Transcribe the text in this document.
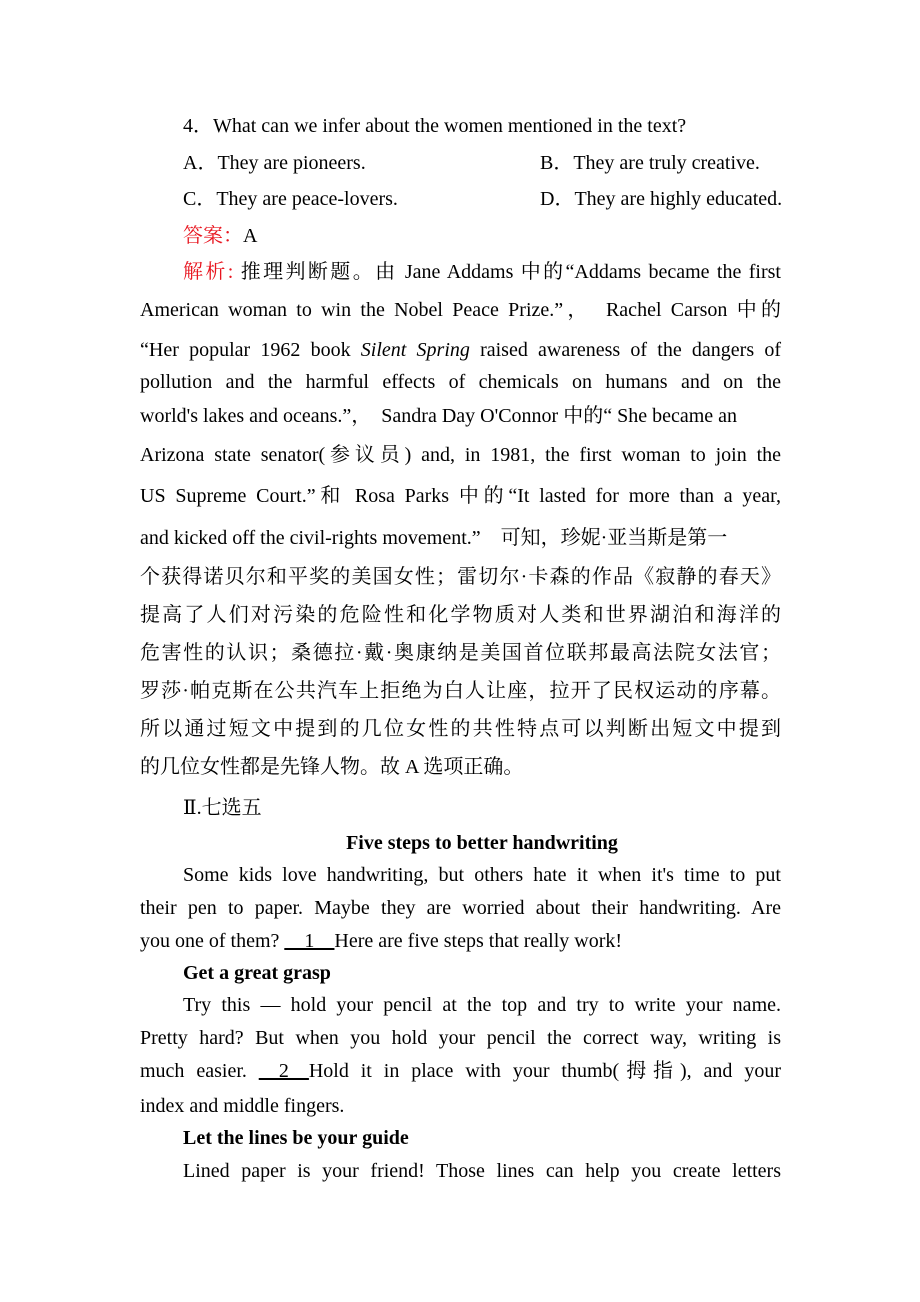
4．What can we infer about the women mentioned in the text?
A．They are pioneers.	B．They are truly creative.
C．They are peace-lovers.	D．They are highly educated.
答案：A
解析: 推理判断题。由 Jane Addams 中的“Addams became the first
American woman to win the Nobel Peace Prize.”，　Rachel Carson 中的
“Her popular 1962 book Silent Spring raised awareness of the dangers of
pollution and the harmful effects of chemicals on humans and on the
world's lakes and oceans.”，　Sandra Day O'Connor 中的“ She became an
Arizona state senator(参议员) and, in 1981, the first woman to join the
US Supreme Court.”和 Rosa Parks 中的“It lasted for more than a year,
and kicked off the civil-rights movement.”　可知，珍妮·亚当斯是第一
个获得诺贝尔和平奖的美国女性；雷切尔·卡森的作品《寂静的春天》
提高了人们对污染的危险性和化学物质对人类和世界湖泊和海洋的
危害性的认识；桑德拉·戴·奥康纳是美国首位联邦最高法院女法官；
罗莎·帕克斯在公共汽车上拒绝为白人让座，拉开了民权运动的序幕。
所以通过短文中提到的几位女性的共性特点可以判断出短文中提到
的几位女性都是先锋人物。故 A 选项正确。
Ⅱ.七选五
Five steps to better handwriting
Some kids love handwriting, but others hate it when it's time to put
their pen to paper. Maybe they are worried about their handwriting. Are
you one of them? __1__Here are five steps that really work!
Get a great grasp
Try this — hold your pencil at the top and try to write your name.
Pretty hard? But when you hold your pencil the correct way, writing is
much easier. __2__Hold it in place with your thumb(拇指), and your
index and middle fingers.
Let the lines be your guide
Lined paper is your friend! Those lines can help you create letters
